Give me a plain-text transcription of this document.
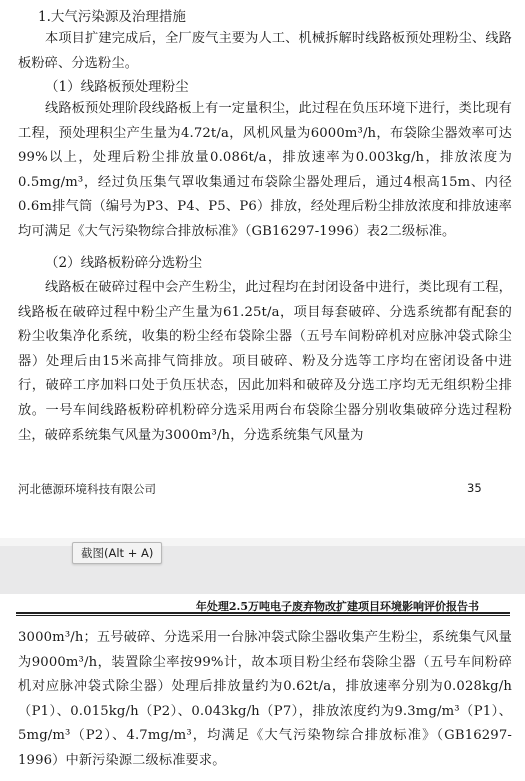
1.大气污染源及治理措施

本项目扩建完成后，全厂废气主要为人工、机械拆解时线路板预处理粉尘、线路板粉碎、分选粉尘。

（1）线路板预处理粉尘

线路板预处理阶段线路板上有一定量积尘，此过程在负压环境下进行，类比现有工程，预处理积尘产生量为4.72t/a，风机风量为6000m³/h，布袋除尘器效率可达99%以上，处理后粉尘排放量0.086t/a，排放速率为0.003kg/h，排放浓度为0.5mg/m³，经过负压集气罩收集通过布袋除尘器处理后，通过4根高15m、内径0.6m排气筒（编号为P3、P4、P5、P6）排放，经处理后粉尘排放浓度和排放速率均可满足《大气污染物综合排放标准》（GB16297-1996）表2二级标准。

（2）线路板粉碎分选粉尘

线路板在破碎过程中会产生粉尘，此过程均在封闭设备中进行，类比现有工程，线路板在破碎过程中粉尘产生量为61.25t/a，项目每套破碎、分选系统都有配套的粉尘收集净化系统，收集的粉尘经布袋除尘器（五号车间粉碎机对应脉冲袋式除尘器）处理后由15米高排气筒排放。项目破碎、粉及分选等工序均在密闭设备中进行，破碎工序加料口处于负压状态，因此加料和破碎及分选工序均无无组织粉尘排放。一号车间线路板粉碎机粉碎分选采用两台布袋除尘器分别收集破碎分选过程粉尘，破碎系统集气风量为3000m³/h，分选系统集气风量为

河北德源环境科技有限公司	35
截图(Alt + A)
年处理2.5万吨电子废弃物改扩建项目环境影响评价报告书

3000m³/h；五号破碎、分选采用一台脉冲袋式除尘器收集产生粉尘，系统集气风量为9000m³/h，装置除尘率按99%计，故本项目粉尘经布袋除尘器（五号车间粉碎机对应脉冲袋式除尘器）处理后排放量约为0.62t/a，排放速率分别为0.028kg/h（P1）、0.015kg/h（P2）、0.043kg/h（P7），排放浓度约为9.3mg/m³（P1）、5mg/m³（P2）、4.7mg/m³，均满足《大气污染物综合排放标准》（GB16297-1996）中新污染源二级标准要求。
